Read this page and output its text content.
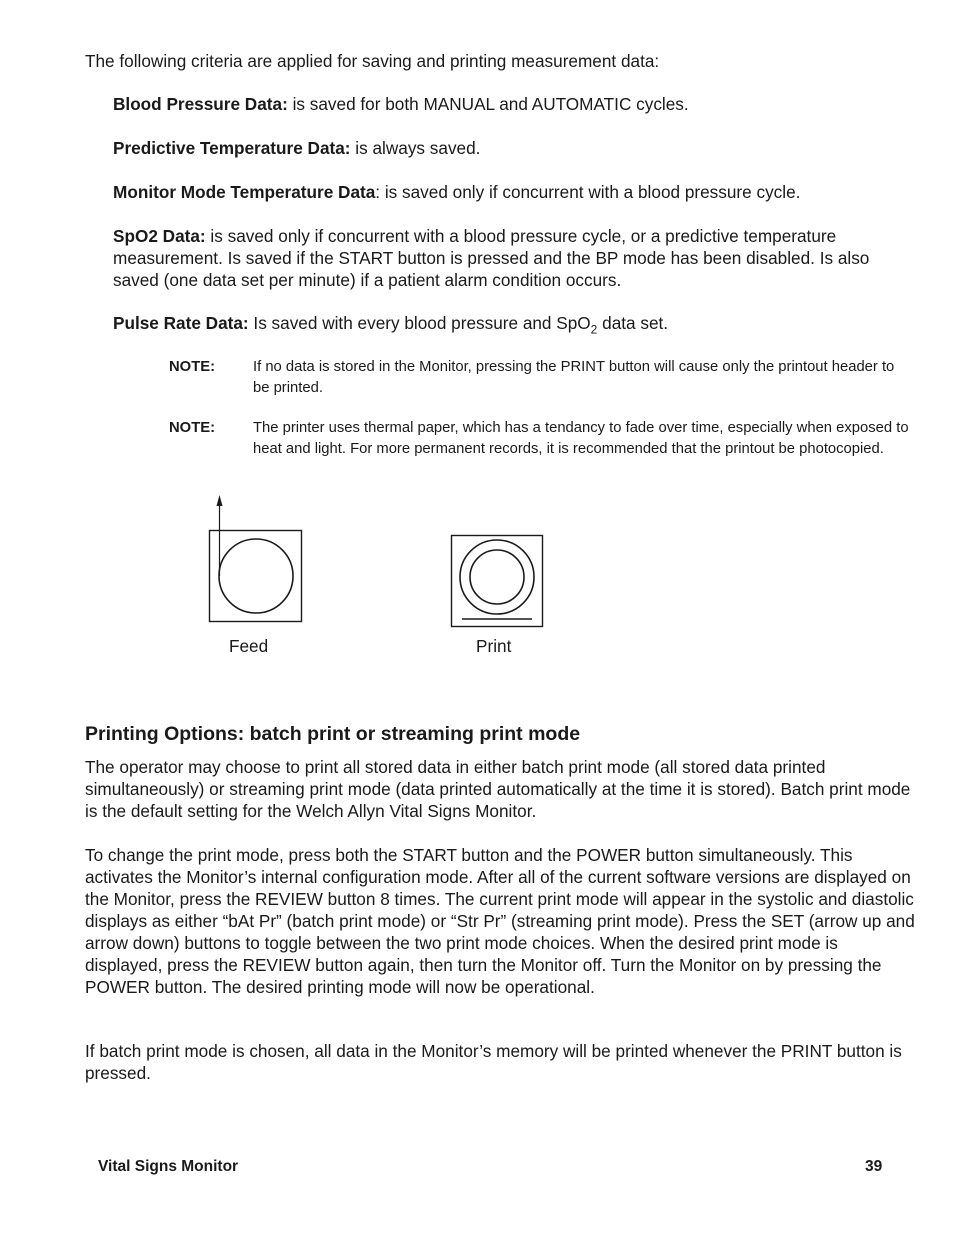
The following criteria are applied for saving and printing measurement data:

Blood Pressure Data: is saved for both MANUAL and AUTOMATIC cycles.

Predictive Temperature Data: is always saved.

Monitor Mode Temperature Data: is saved only if concurrent with a blood pressure cycle.

SpO2 Data: is saved only if concurrent with a blood pressure cycle, or a predictive temperature measurement. Is saved if the START button is pressed and the BP mode has been disabled. Is also saved (one data set per minute) if a patient alarm condition occurs.

Pulse Rate Data: Is saved with every blood pressure and SpO$_2$ data set.

NOTE:	If no data is stored in the Monitor, pressing the PRINT button will cause only the printout header to be printed.
NOTE:	The printer uses thermal paper, which has a tendancy to fade over time, especially when exposed to heat and light. For more permanent records, it is recommended that the printout be photocopied.
Feed	Print
Printing Options: batch print or streaming print mode

The operator may choose to print all stored data in either batch print mode (all stored data printed simultaneously) or streaming print mode (data printed automatically at the time it is stored). Batch print mode is the default setting for the Welch Allyn Vital Signs Monitor.

To change the print mode, press both the START button and the POWER button simultaneously. This activates the Monitor’s internal configuration mode. After all of the current software versions are displayed on the Monitor, press the REVIEW button 8 times. The current print mode will appear in the systolic and diastolic displays as either “bAt Pr” (batch print mode) or “Str Pr” (streaming print mode). Press the SET (arrow up and arrow down) buttons to toggle between the two print mode choices. When the desired print mode is displayed, press the REVIEW button again, then turn the Monitor off. Turn the Monitor on by pressing the POWER button. The desired printing mode will now be operational.

If batch print mode is chosen, all data in the Monitor’s memory will be printed whenever the PRINT button is pressed.

Vital Signs Monitor	39
